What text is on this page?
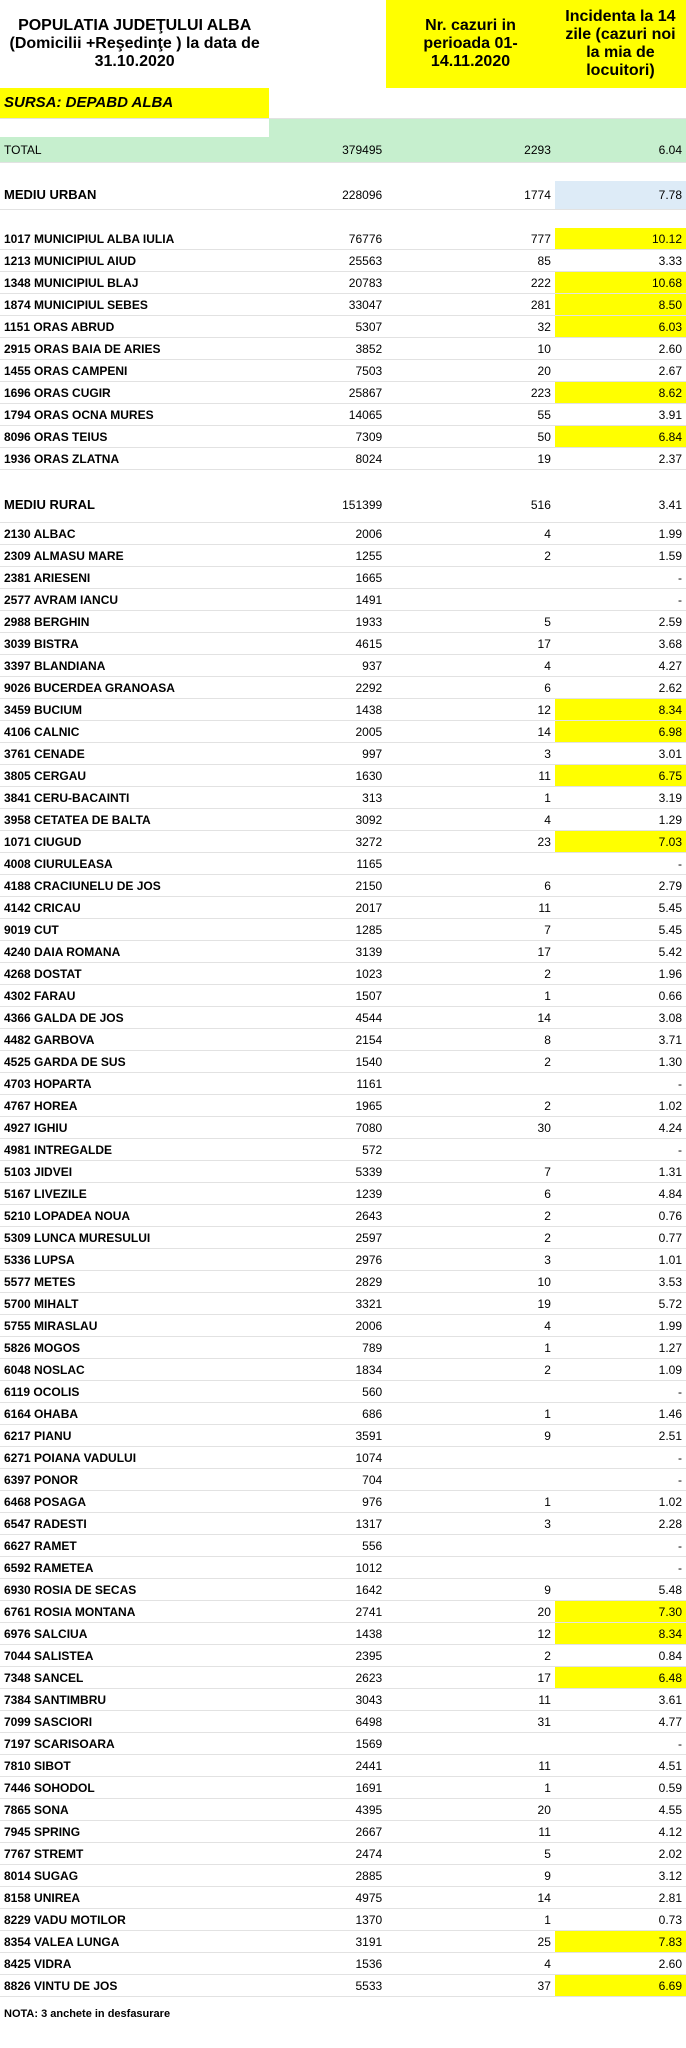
POPULATIA JUDEŢULUI ALBA (Domicilii +Reşedinţe ) la data de 31.10.2020		Nr. cazuri in perioada 01-14.11.2020	Incidenta la 14 zile (cazuri noi la mia de locuitori)
SURSA: DEPABD ALBA			

TOTAL	379495	2293	6.04

MEDIU URBAN	228096	1774	7.78

1017 MUNICIPIUL ALBA IULIA	76776	777	10.12
1213 MUNICIPIUL AIUD	25563	85	3.33
1348 MUNICIPIUL BLAJ	20783	222	10.68
1874 MUNICIPIUL SEBES	33047	281	8.50
1151 ORAS ABRUD	5307	32	6.03
2915 ORAS BAIA DE ARIES	3852	10	2.60
1455 ORAS CAMPENI	7503	20	2.67
1696 ORAS CUGIR	25867	223	8.62
1794 ORAS OCNA MURES	14065	55	3.91
8096 ORAS TEIUS	7309	50	6.84
1936 ORAS ZLATNA	8024	19	2.37

MEDIU RURAL	151399	516	3.41
2130 ALBAC	2006	4	1.99
2309 ALMASU MARE	1255	2	1.59
2381 ARIESENI	1665		-
2577 AVRAM IANCU	1491		-
2988 BERGHIN	1933	5	2.59
3039 BISTRA	4615	17	3.68
3397 BLANDIANA	937	4	4.27
9026 BUCERDEA GRANOASA	2292	6	2.62
3459 BUCIUM	1438	12	8.34
4106 CALNIC	2005	14	6.98
3761 CENADE	997	3	3.01
3805 CERGAU	1630	11	6.75
3841 CERU-BACAINTI	313	1	3.19
3958 CETATEA DE BALTA	3092	4	1.29
1071 CIUGUD	3272	23	7.03
4008 CIURULEASA	1165		-
4188 CRACIUNELU DE JOS	2150	6	2.79
4142 CRICAU	2017	11	5.45
9019 CUT	1285	7	5.45
4240 DAIA ROMANA	3139	17	5.42
4268 DOSTAT	1023	2	1.96
4302 FARAU	1507	1	0.66
4366 GALDA DE JOS	4544	14	3.08
4482 GARBOVA	2154	8	3.71
4525 GARDA DE SUS	1540	2	1.30
4703 HOPARTA	1161		-
4767 HOREA	1965	2	1.02
4927 IGHIU	7080	30	4.24
4981 INTREGALDE	572		-
5103 JIDVEI	5339	7	1.31
5167 LIVEZILE	1239	6	4.84
5210 LOPADEA NOUA	2643	2	0.76
5309 LUNCA MURESULUI	2597	2	0.77
5336 LUPSA	2976	3	1.01
5577 METES	2829	10	3.53
5700 MIHALT	3321	19	5.72
5755 MIRASLAU	2006	4	1.99
5826 MOGOS	789	1	1.27
6048 NOSLAC	1834	2	1.09
6119 OCOLIS	560		-
6164 OHABA	686	1	1.46
6217 PIANU	3591	9	2.51
6271 POIANA VADULUI	1074		-
6397 PONOR	704		-
6468 POSAGA	976	1	1.02
6547 RADESTI	1317	3	2.28
6627 RAMET	556		-
6592 RAMETEA	1012		-
6930 ROSIA DE SECAS	1642	9	5.48
6761 ROSIA MONTANA	2741	20	7.30
6976 SALCIUA	1438	12	8.34
7044 SALISTEA	2395	2	0.84
7348 SANCEL	2623	17	6.48
7384 SANTIMBRU	3043	11	3.61
7099 SASCIORI	6498	31	4.77
7197 SCARISOARA	1569		-
7810 SIBOT	2441	11	4.51
7446 SOHODOL	1691	1	0.59
7865 SONA	4395	20	4.55
7945 SPRING	2667	11	4.12
7767 STREMT	2474	5	2.02
8014 SUGAG	2885	9	3.12
8158 UNIREA	4975	14	2.81
8229 VADU MOTILOR	1370	1	0.73
8354 VALEA LUNGA	3191	25	7.83
8425 VIDRA	1536	4	2.60
8826 VINTU DE JOS	5533	37	6.69
NOTA: 3 anchete in desfasurare			
